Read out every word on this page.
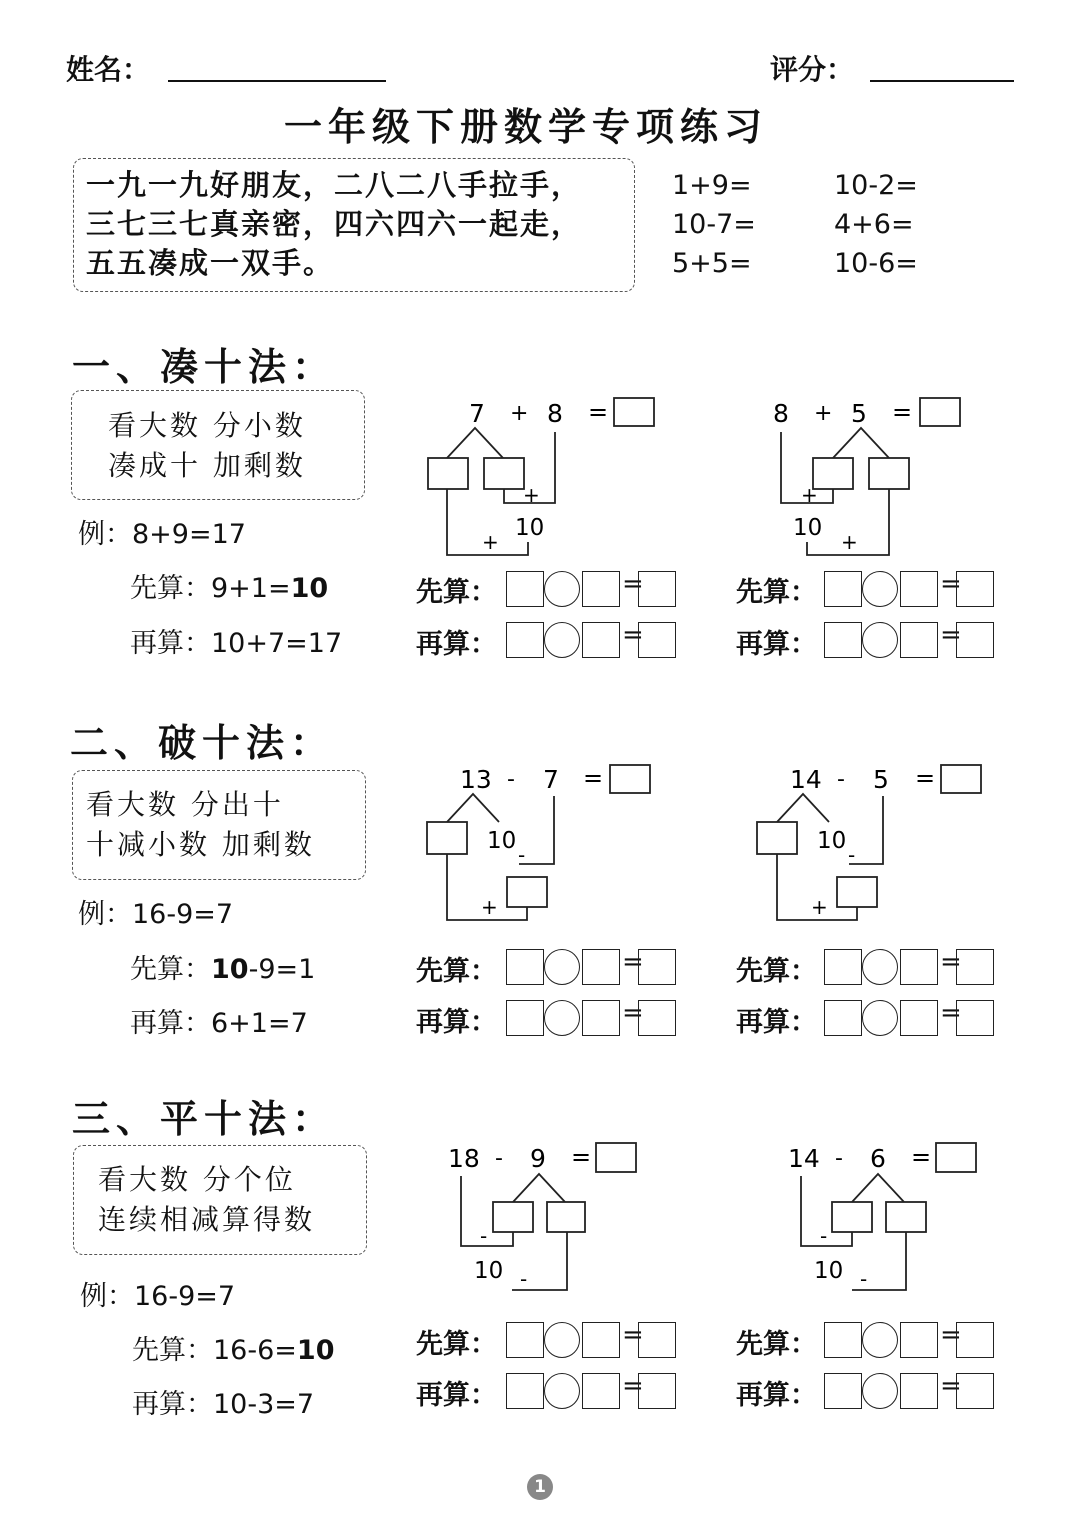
姓名：	评分：
一年级下册数学专项练习
一九一九好朋友，二八二八手拉手，
三七三七真亲密，四六四六一起走，
五五凑成一双手。
1+9=	10-2=
10-7=	4+6=
5+5=	10-6=
一、凑十法：
看大数 分小数
凑成十 加剩数
例：8+9=17
先算：9+1=10
再算：10+7=17
7 + 8 =
+
10
+
8 + 5 =
+
10
+
先算：	=
再算：	=
先算：	=
再算：	=
二、破十法：
看大数 分出十
十减小数 加剩数
例：16-9=7
先算：10-9=1
再算：6+1=7
13 - 7 =
10
-
+
14 - 5 =
10
-
+
先算：	=
再算：	=
先算：	=
再算：	=
三、平十法：
看大数 分个位
连续相减算得数
例：16-9=7
先算：16-6=10
再算：10-3=7
18 - 9 =
-
10 -
14 - 6 =
-
10 -
先算：	=
再算：	=
先算：	=
再算：	=
1
